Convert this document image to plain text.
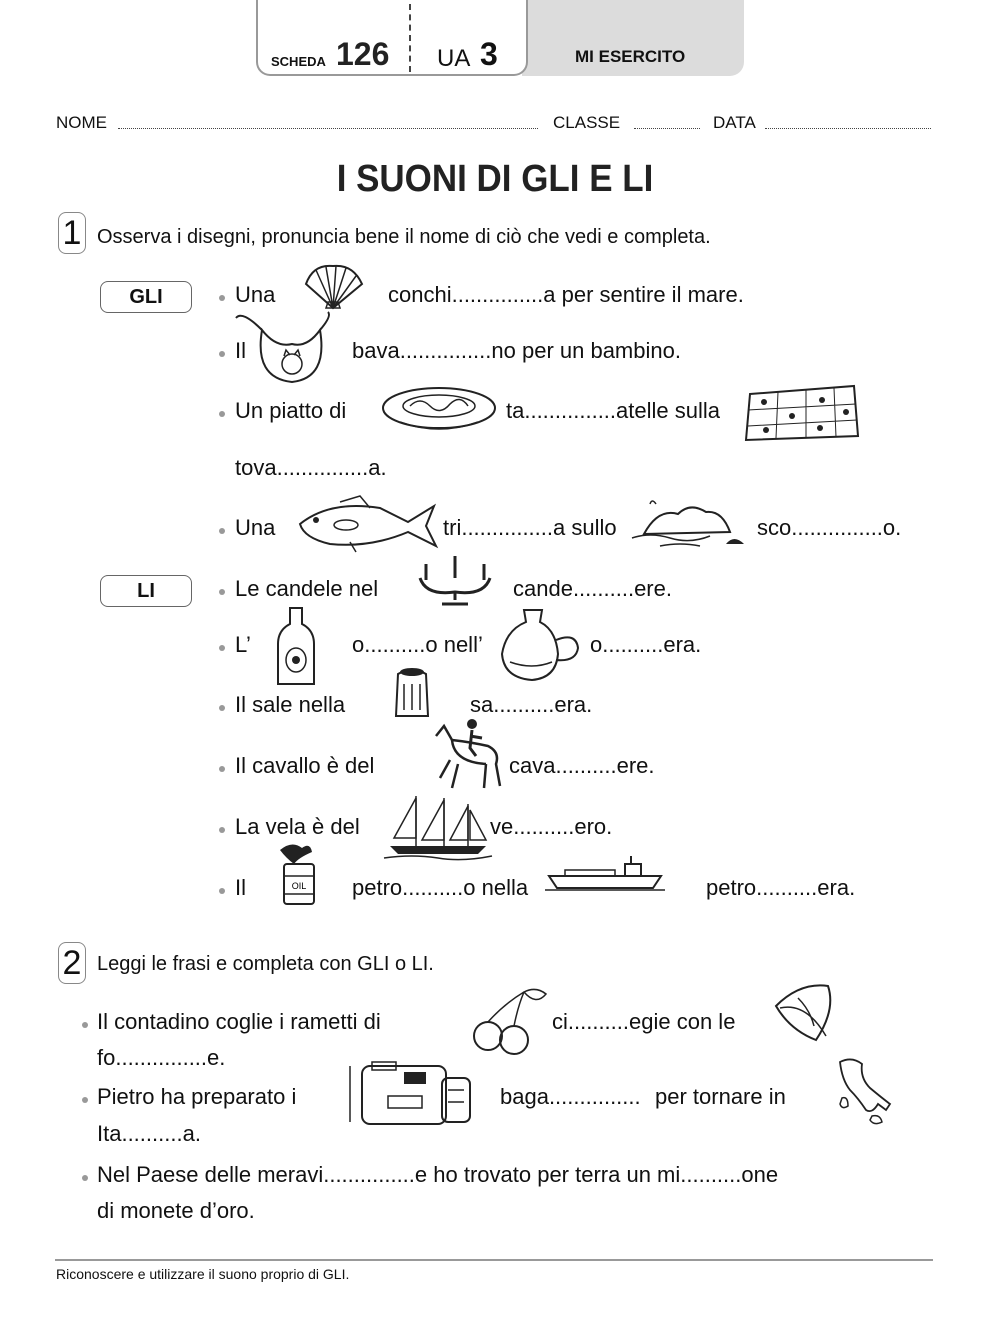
SCHEDA 126 UA 3	MI ESERCITO
NOME	CLASSE	DATA
I SUONI DI GLI E LI
1 Osserva i disegni, pronuncia bene il nome di ciò che vedi e completa.
GLI
LI
Una	conchi...............a per sentire il mare.
Il	bava...............no per un bambino.
Un piatto di	ta...............atelle sulla
tova...............a.
Una	tri...............a sullo	sco...............o.
Le candele nel	cande..........ere.
L’	o..........o nell’	o..........era.
Il sale nella	sa..........era.
Il cavallo è del	cava..........ere.
La vela è del	ve..........ero.
Il	OIL petro..........o nella	petro..........era.
2 Leggi le frasi e completa con GLI o LI.
Il contadino coglie i rametti di	ci..........egie con le
fo...............e.
Pietro ha preparato i	baga............... per tornare in
Ita..........a.
Nel Paese delle meravi...............e ho trovato per terra un mi..........one
di monete d’oro.
Riconoscere e utilizzare il suono proprio di GLI.
